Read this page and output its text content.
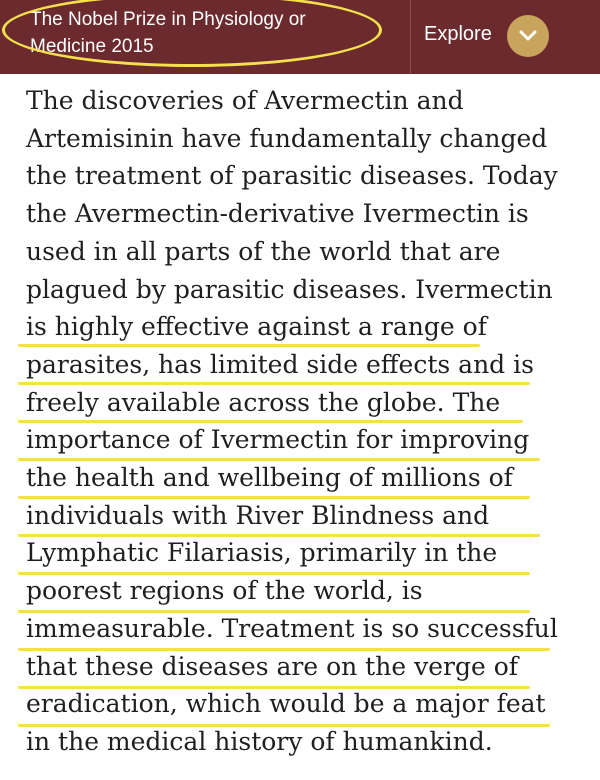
The Nobel Prize in Physiology or
Medicine 2015
Explore
The discoveries of Avermectin and
Artemisinin have fundamentally changed
the treatment of parasitic diseases. Today
the Avermectin-derivative Ivermectin is
used in all parts of the world that are
plagued by parasitic diseases. Ivermectin
is highly effective against a range of
parasites, has limited side effects and is
freely available across the globe. The
importance of Ivermectin for improving
the health and wellbeing of millions of
individuals with River Blindness and
Lymphatic Filariasis, primarily in the
poorest regions of the world, is
immeasurable. Treatment is so successful
that these diseases are on the verge of
eradication, which would be a major feat
in the medical history of humankind.
